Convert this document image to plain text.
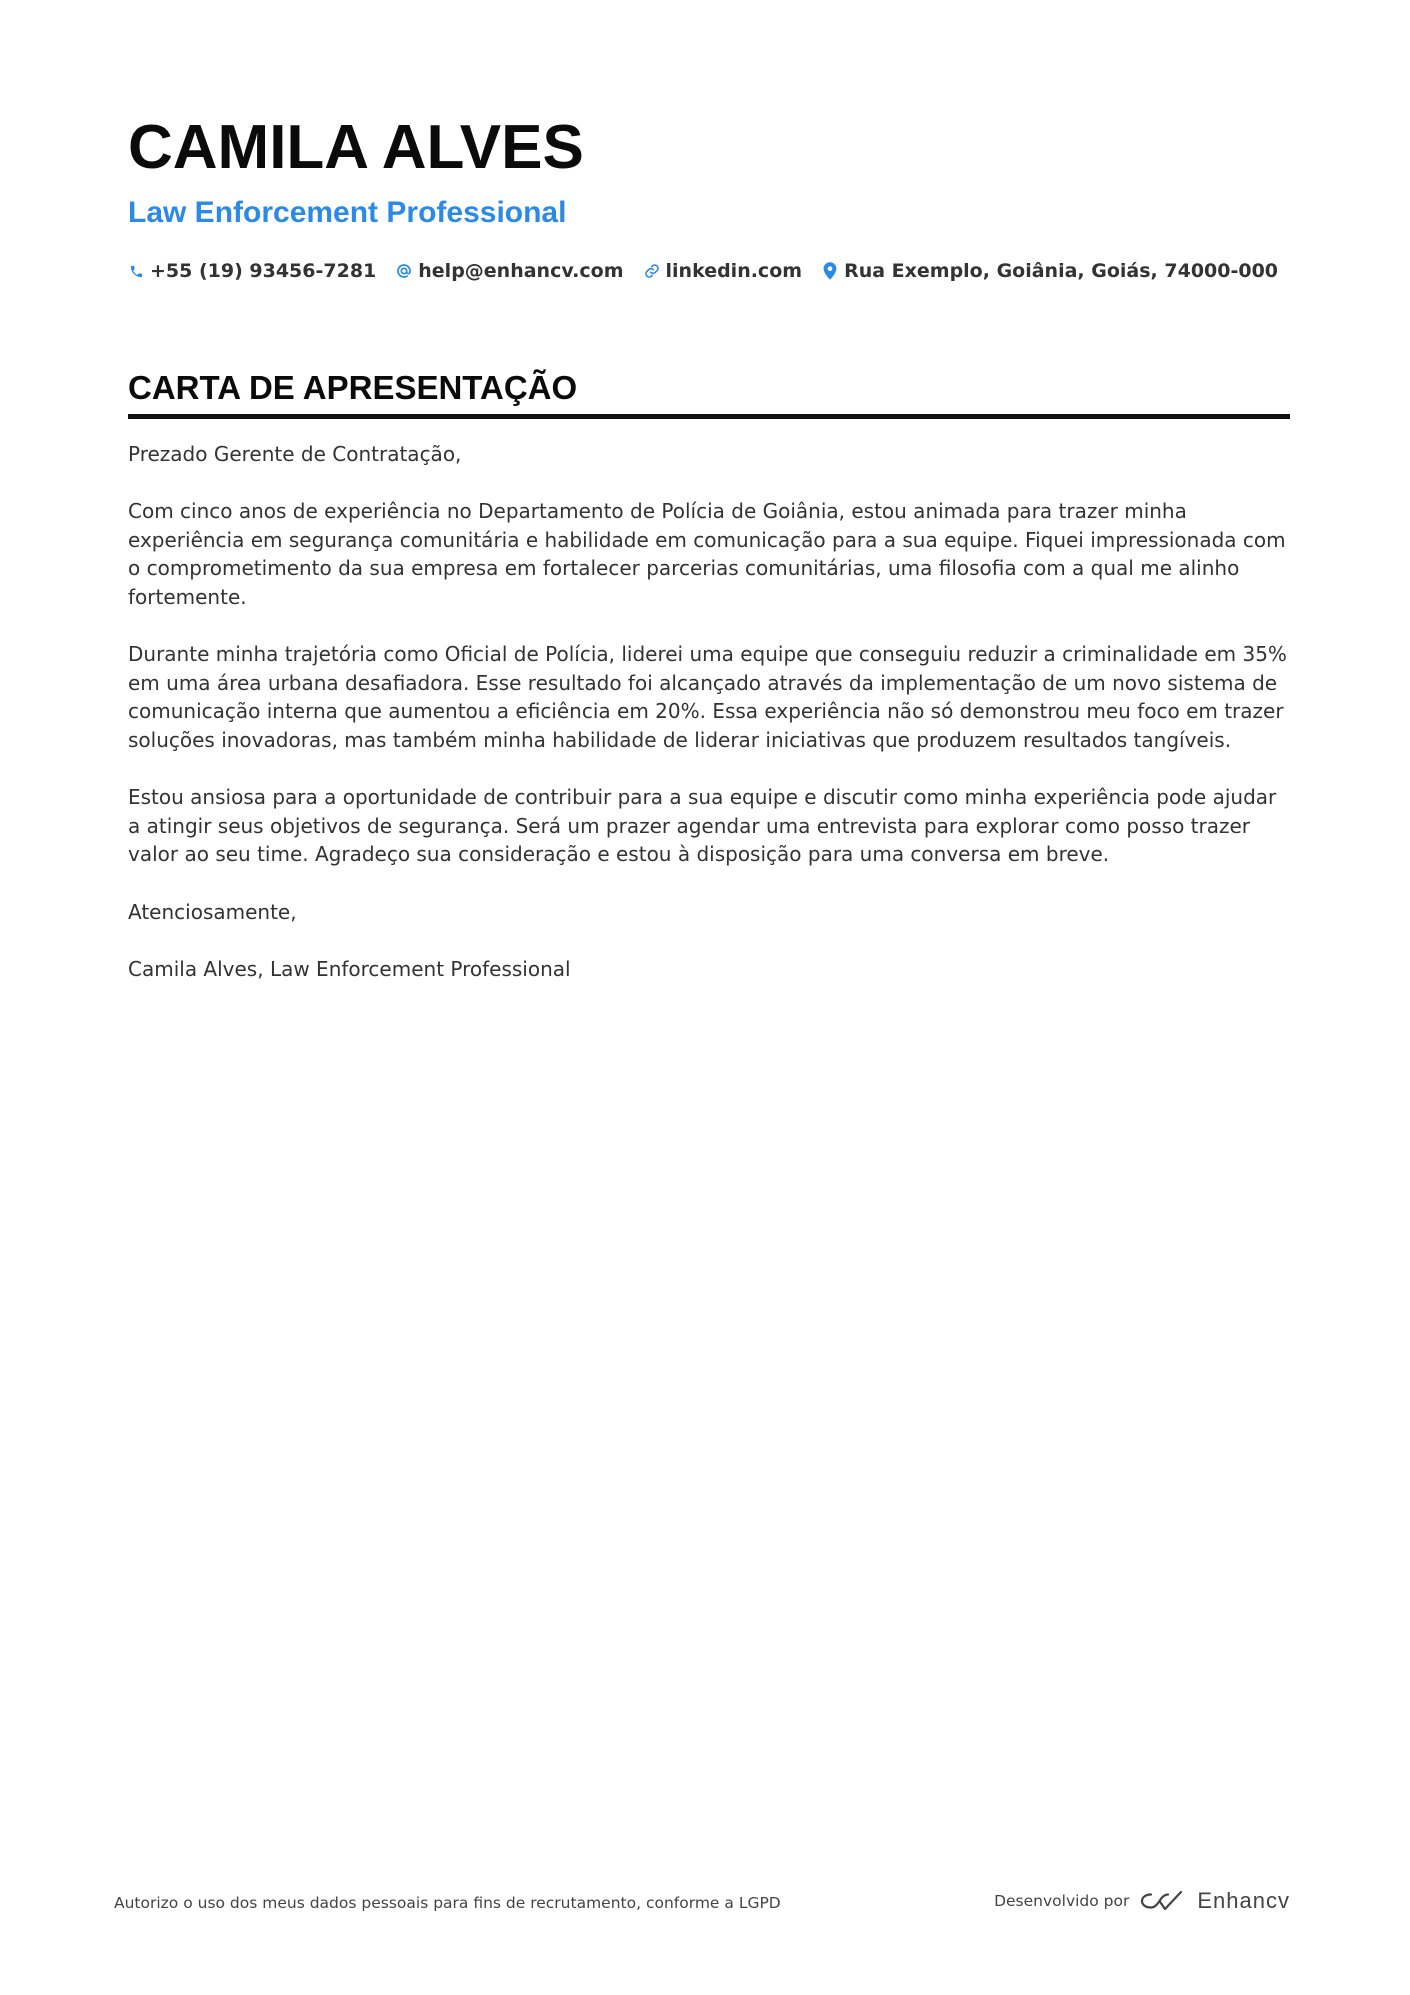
CAMILA ALVES
Law Enforcement Professional
+55 (19) 93456-7281 help@enhancv.com linkedin.com Rua Exemplo, Goiânia, Goiás, 74000-000
CARTA DE APRESENTAÇÃO

Prezado Gerente de Contratação,

Com cinco anos de experiência no Departamento de Polícia de Goiânia, estou animada para trazer minha experiência em segurança comunitária e habilidade em comunicação para a sua equipe. Fiquei impressionada com o comprometimento da sua empresa em fortalecer parcerias comunitárias, uma filosofia com a qual me alinho fortemente.

Durante minha trajetória como Oficial de Polícia, liderei uma equipe que conseguiu reduzir a criminalidade em 35% em uma área urbana desafiadora. Esse resultado foi alcançado através da implementação de um novo sistema de comunicação interna que aumentou a eficiência em 20%. Essa experiência não só demonstrou meu foco em trazer soluções inovadoras, mas também minha habilidade de liderar iniciativas que produzem resultados tangíveis.

Estou ansiosa para a oportunidade de contribuir para a sua equipe e discutir como minha experiência pode ajudar a atingir seus objetivos de segurança. Será um prazer agendar uma entrevista para explorar como posso trazer valor ao seu time. Agradeço sua consideração e estou à disposição para uma conversa em breve.

Atenciosamente,

Camila Alves, Law Enforcement Professional

Autorizo o uso dos meus dados pessoais para fins de recrutamento, conforme a LGPD	Desenvolvido por	Enhancv
